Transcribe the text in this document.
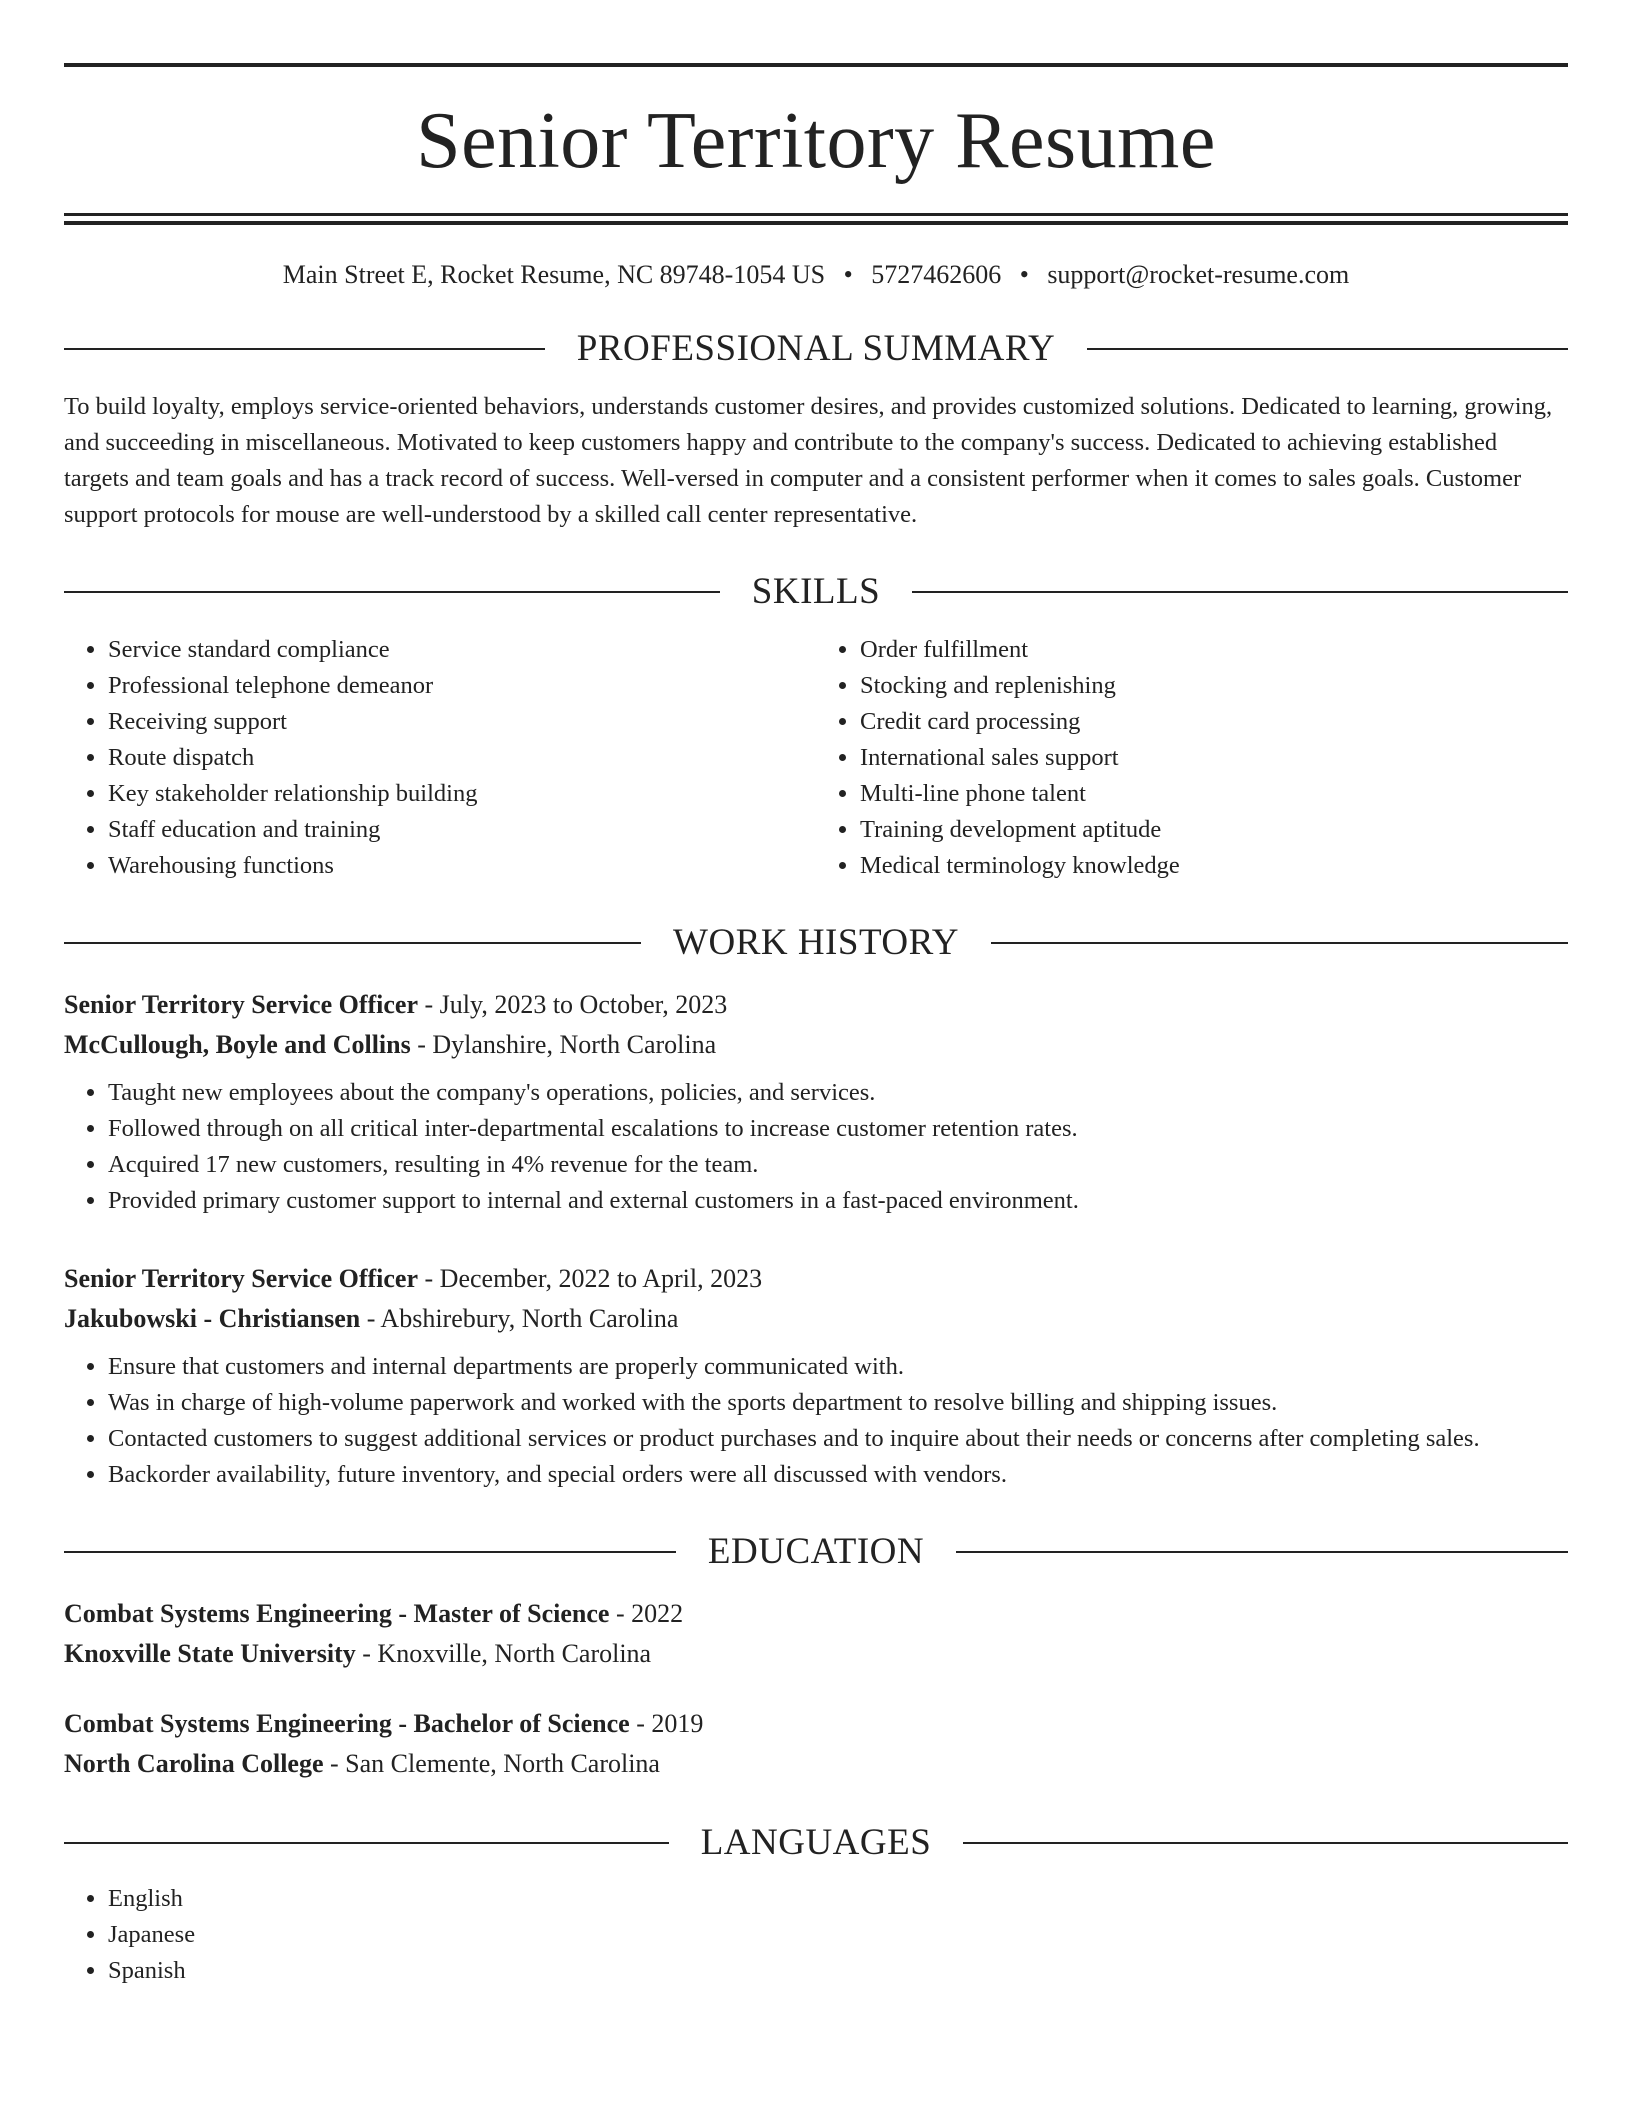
Senior Territory Resume
Main Street E, Rocket Resume, NC 89748-1054 US • 5727462606 • support@rocket-resume.com
PROFESSIONAL SUMMARY
To build loyalty, employs service-oriented behaviors, understands customer desires, and provides customized solutions. Dedicated to learning, growing, and succeeding in miscellaneous. Motivated to keep customers happy and contribute to the company's success. Dedicated to achieving established targets and team goals and has a track record of success. Well-versed in computer and a consistent performer when it comes to sales goals. Customer support protocols for mouse are well-understood by a skilled call center representative.
SKILLS
• Service standard compliance
• Professional telephone demeanor
• Receiving support
• Route dispatch
• Key stakeholder relationship building
• Staff education and training
• Warehousing functions
• Order fulfillment
• Stocking and replenishing
• Credit card processing
• International sales support
• Multi-line phone talent
• Training development aptitude
• Medical terminology knowledge
WORK HISTORY
Senior Territory Service Officer - July, 2023 to October, 2023
McCullough, Boyle and Collins - Dylanshire, North Carolina
• Taught new employees about the company's operations, policies, and services.
• Followed through on all critical inter-departmental escalations to increase customer retention rates.
• Acquired 17 new customers, resulting in 4% revenue for the team.
• Provided primary customer support to internal and external customers in a fast-paced environment.
Senior Territory Service Officer - December, 2022 to April, 2023
Jakubowski - Christiansen - Abshirebury, North Carolina
• Ensure that customers and internal departments are properly communicated with.
• Was in charge of high-volume paperwork and worked with the sports department to resolve billing and shipping issues.
• Contacted customers to suggest additional services or product purchases and to inquire about their needs or concerns after completing sales.
• Backorder availability, future inventory, and special orders were all discussed with vendors.
EDUCATION
Combat Systems Engineering - Master of Science - 2022
Knoxville State University - Knoxville, North Carolina
Combat Systems Engineering - Bachelor of Science - 2019
North Carolina College - San Clemente, North Carolina
LANGUAGES
• English
• Japanese
• Spanish
